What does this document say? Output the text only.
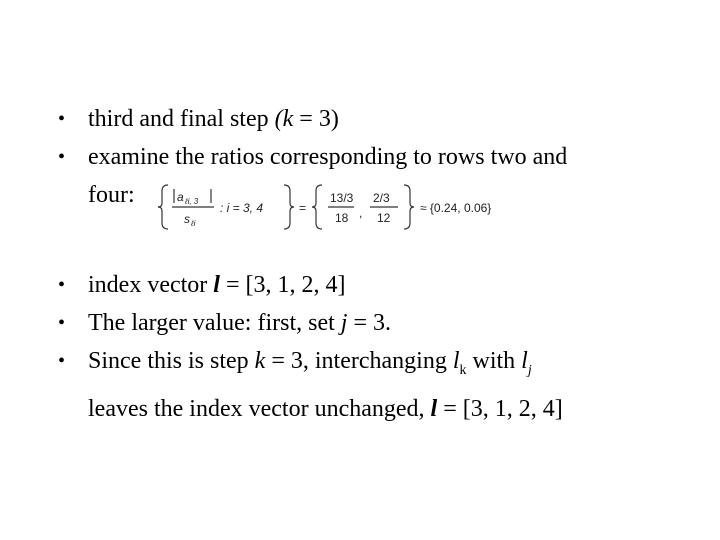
• third and final step (k = 3)
• examine the ratios corresponding to rows two and
four:
• index vector l = [3, 1, 2, 4]
• The larger value: first, set j = 3.
• Since this is step k = 3, interchanging $l_k$ with $l_j$
leaves the index vector unchanged, l = [3, 1, 2, 4]
a ℓi, 3
s ℓi
: i = 3, 4	=
13/3
18 ,
2/3
12
≈ {0.24, 0.06}
